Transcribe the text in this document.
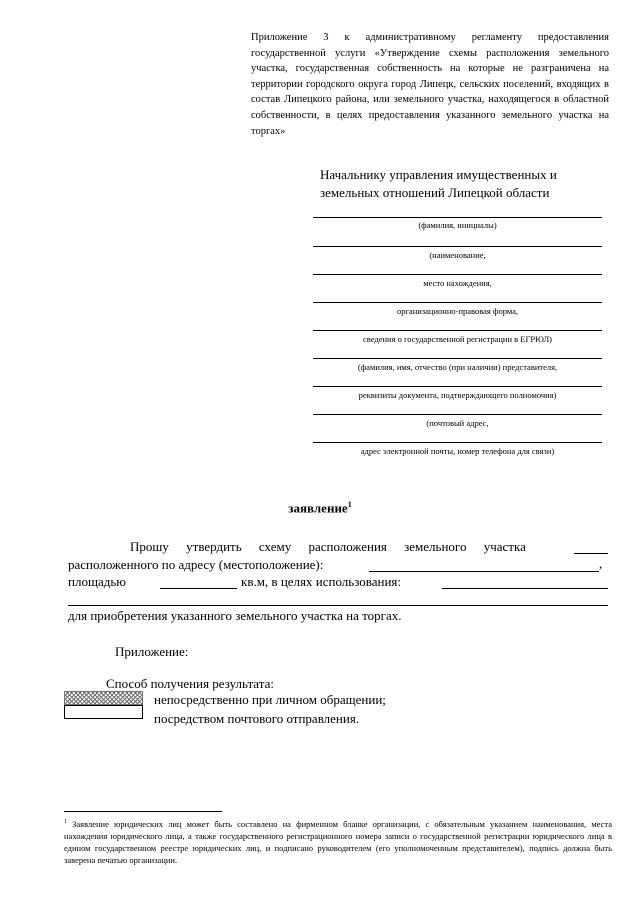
Приложение 3 к административному регламенту предоставления государственной услуги «Утверждение схемы расположения земельного участка, государственная собственность на которые не разграничена на территории городского округа город Липецк, сельских поселений, входящих в состав Липецкого района, или земельного участка, находящегося в областной собственности, в целях предоставления указанного земельного участка на торгах»
Начальнику управления имущественных и
земельных отношений Липецкой области
(фамилия, инициалы)
(наименование,
место нахождения,
организационно-правовая форма,
сведения о государственной регистрации в ЕГРЮЛ)
(фамилия, имя, отчество (при наличии) представителя,
реквизиты документа, подтверждающего полномочия)
(почтовый адрес,
адрес электронной почты, номер телефона для связи)
заявление$^1$
Прошу утвердить схему расположения земельного участка
расположенного по адресу (местоположение):	,
площадью	кв.м, в целях использования:
для приобретения указанного земельного участка на торгах.
Приложение:
Способ получения результата:
непосредственно при личном обращении;
посредством почтового отправления.
$^1$ Заявление юридических лиц может быть составлено на фирменном бланке организации, с обязательным указанием наименования, места нахождения юридического лица, а также государственного регистрационного номера записи о государственной регистрации юридического лица в едином государственном реестре юридических лиц, и подписано руководителем (его уполномоченным представителем), подпись должна быть заверена печатью организации.
